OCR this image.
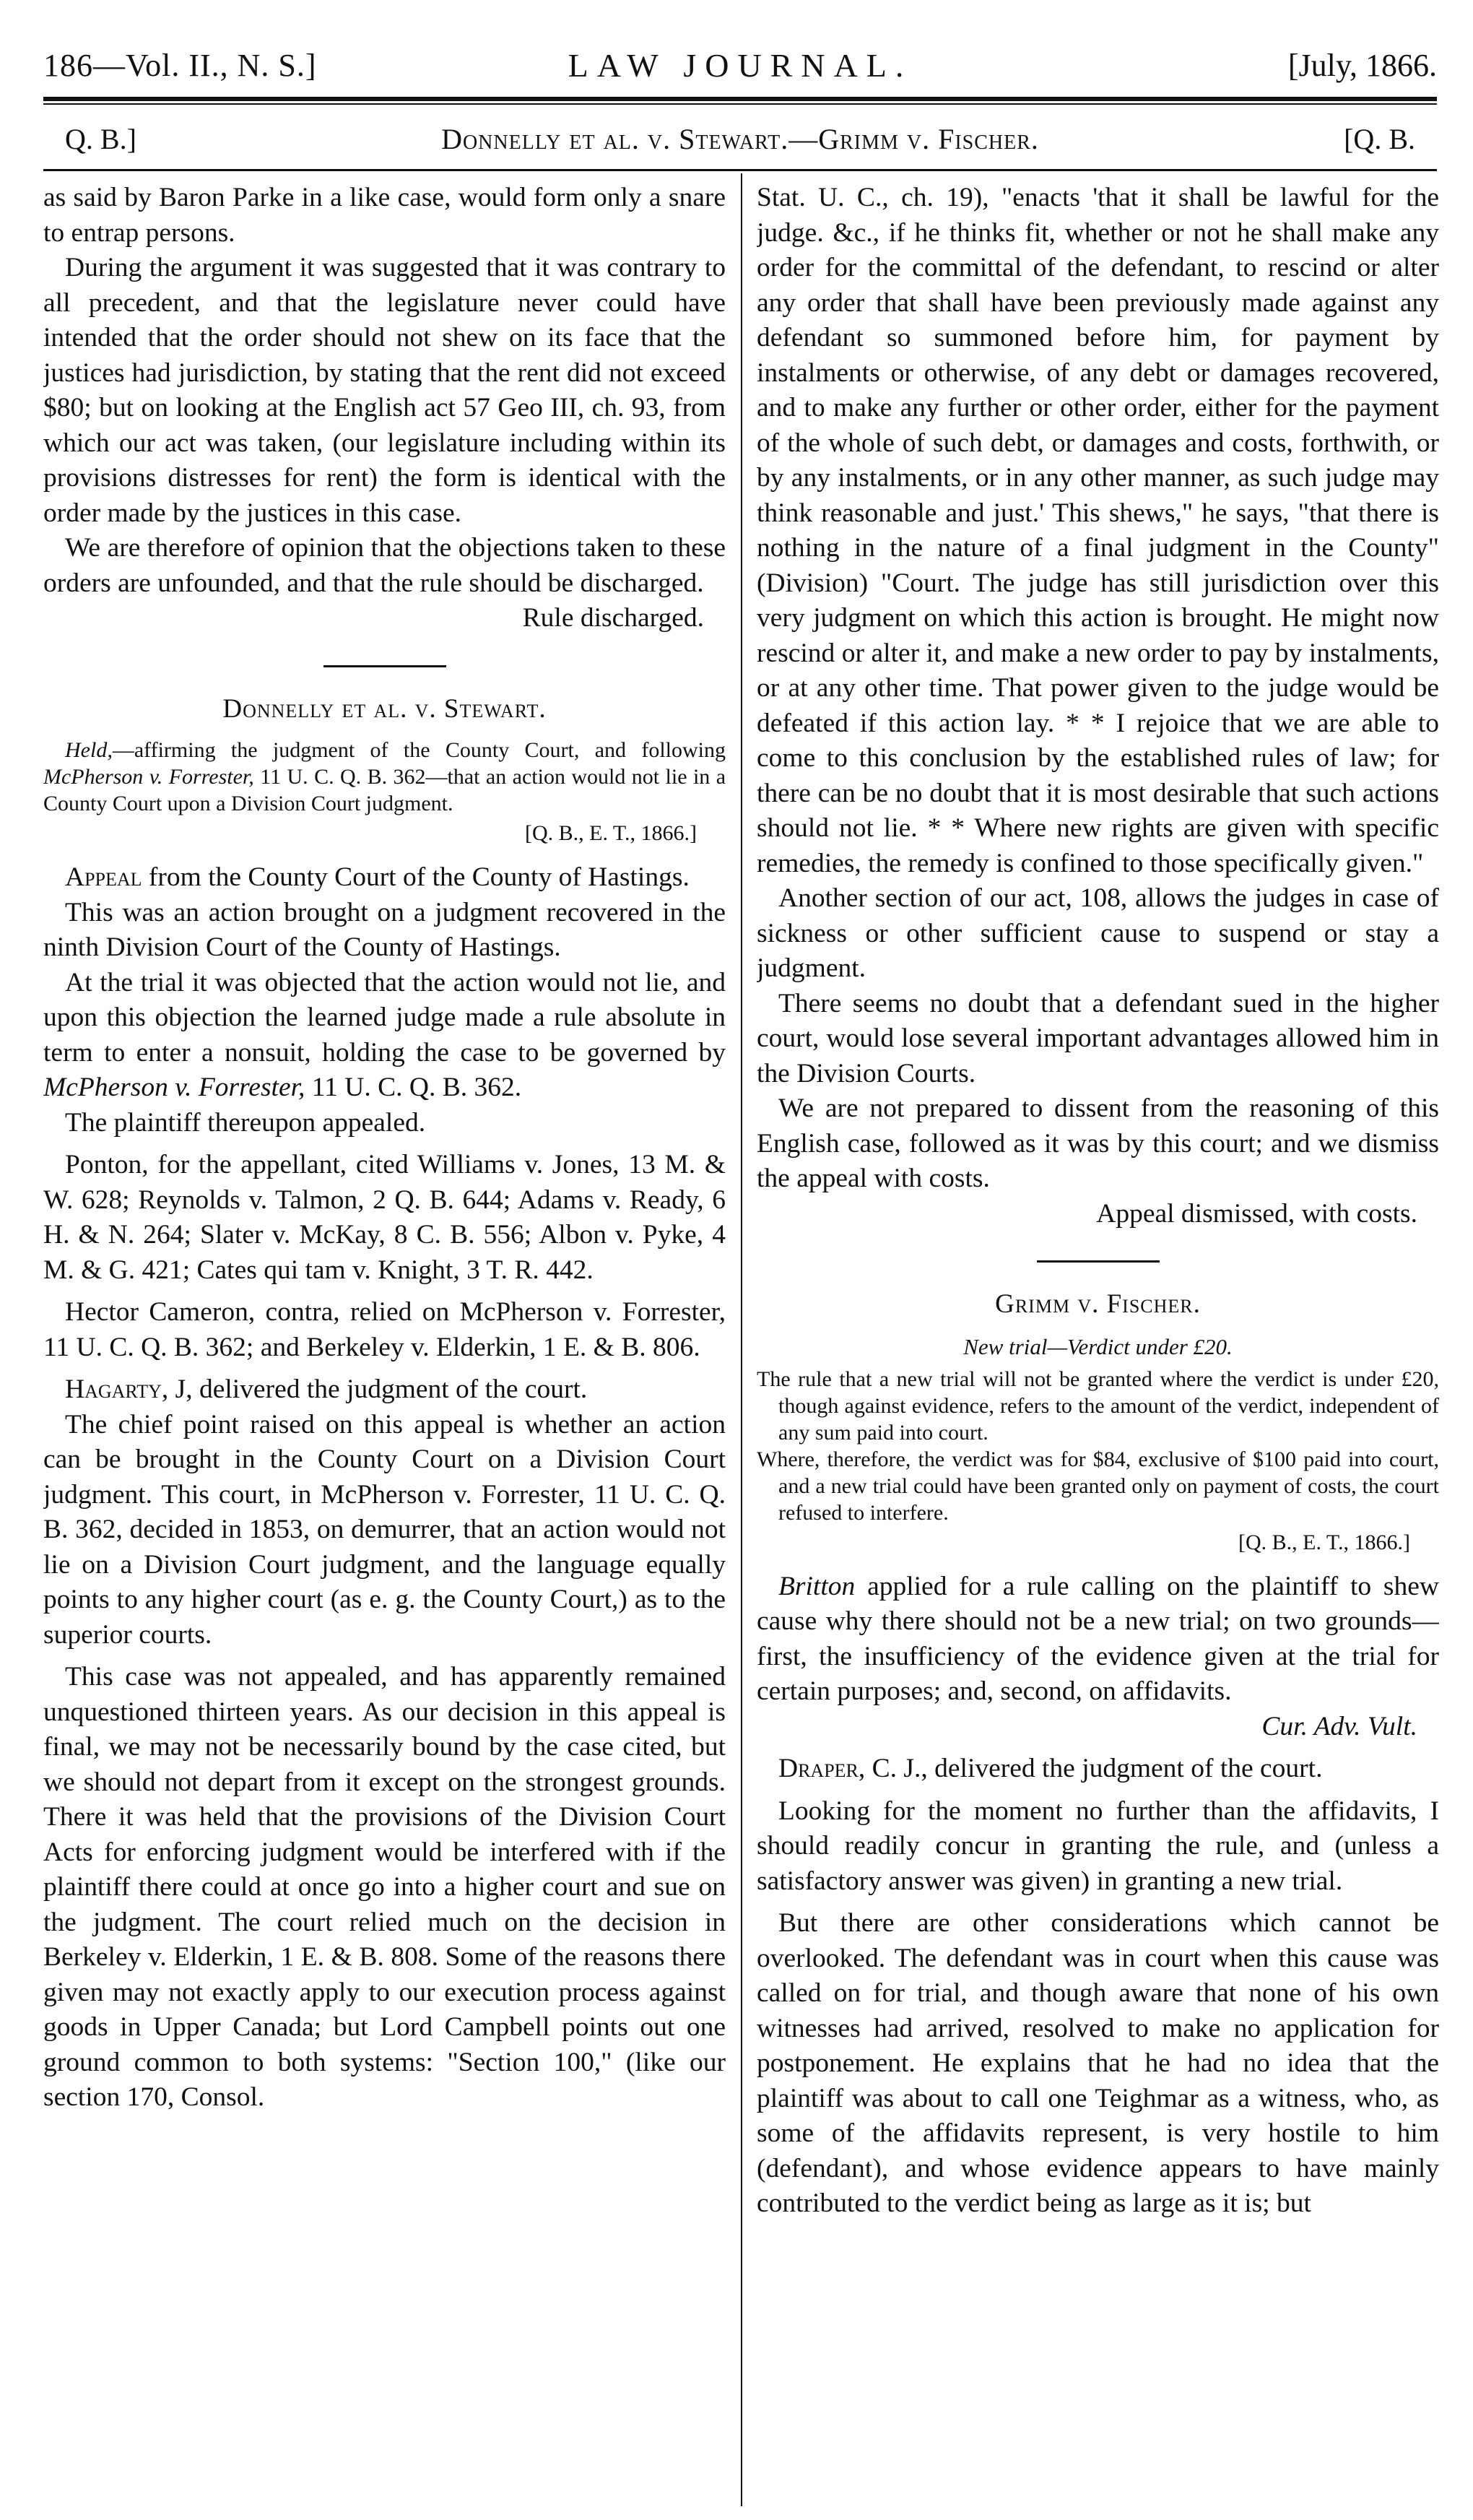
186—Vol. II., N. S.]	LAW JOURNAL.	[July, 1866.
Q. B.]	Donnelly et al. v. Stewart.—Grimm v. Fischer.	[Q. B.

as said by Baron Parke in a like case, would form only a snare to entrap persons.

During the argument it was suggested that it was contrary to all precedent, and that the legislature never could have intended that the order should not shew on its face that the justices had jurisdiction, by stating that the rent did not exceed $80; but on looking at the English act 57 Geo III, ch. 93, from which our act was taken, (our legislature including within its provisions distresses for rent) the form is identical with the order made by the justices in this case.

We are therefore of opinion that the objections taken to these orders are unfounded, and that the rule should be discharged.

Rule discharged.

Donnelly et al. v. Stewart.

Held,—affirming the judgment of the County Court, and following McPherson v. Forrester, 11 U. C. Q. B. 362—that an action would not lie in a County Court upon a Division Court judgment.

[Q. B., E. T., 1866.]

Appeal from the County Court of the County of Hastings.

This was an action brought on a judgment recovered in the ninth Division Court of the County of Hastings.

At the trial it was objected that the action would not lie, and upon this objection the learned judge made a rule absolute in term to enter a nonsuit, holding the case to be governed by McPherson v. Forrester, 11 U. C. Q. B. 362.

The plaintiff thereupon appealed.

Ponton, for the appellant, cited Williams v. Jones, 13 M. & W. 628; Reynolds v. Talmon, 2 Q. B. 644; Adams v. Ready, 6 H. & N. 264; Slater v. McKay, 8 C. B. 556; Albon v. Pyke, 4 M. & G. 421; Cates qui tam v. Knight, 3 T. R. 442.

Hector Cameron, contra, relied on McPherson v. Forrester, 11 U. C. Q. B. 362; and Berkeley v. Elderkin, 1 E. & B. 806.

Hagarty, J, delivered the judgment of the court.

The chief point raised on this appeal is whether an action can be brought in the County Court on a Division Court judgment. This court, in McPherson v. Forrester, 11 U. C. Q. B. 362, decided in 1853, on demurrer, that an action would not lie on a Division Court judgment, and the language equally points to any higher court (as e. g. the County Court,) as to the superior courts.

This case was not appealed, and has apparently remained unquestioned thirteen years. As our decision in this appeal is final, we may not be necessarily bound by the case cited, but we should not depart from it except on the strongest grounds. There it was held that the provisions of the Division Court Acts for enforcing judgment would be interfered with if the plaintiff there could at once go into a higher court and sue on the judgment. The court relied much on the decision in Berkeley v. Elderkin, 1 E. & B. 808. Some of the reasons there given may not exactly apply to our execution process against goods in Upper Canada; but Lord Campbell points out one ground common to both systems: "Section 100," (like our section 170, Consol.

Stat. U. C., ch. 19), "enacts 'that it shall be lawful for the judge. &c., if he thinks fit, whether or not he shall make any order for the committal of the defendant, to rescind or alter any order that shall have been previously made against any defendant so summoned before him, for payment by instalments or otherwise, of any debt or damages recovered, and to make any further or other order, either for the payment of the whole of such debt, or damages and costs, forthwith, or by any instalments, or in any other manner, as such judge may think reasonable and just.' This shews," he says, "that there is nothing in the nature of a final judgment in the County" (Division) "Court. The judge has still jurisdiction over this very judgment on which this action is brought. He might now rescind or alter it, and make a new order to pay by instalments, or at any other time. That power given to the judge would be defeated if this action lay. * * I rejoice that we are able to come to this conclusion by the established rules of law; for there can be no doubt that it is most desirable that such actions should not lie. * * Where new rights are given with specific remedies, the remedy is confined to those specifically given."

Another section of our act, 108, allows the judges in case of sickness or other sufficient cause to suspend or stay a judgment.

There seems no doubt that a defendant sued in the higher court, would lose several important advantages allowed him in the Division Courts.

We are not prepared to dissent from the reasoning of this English case, followed as it was by this court; and we dismiss the appeal with costs.

Appeal dismissed, with costs.

Grimm v. Fischer.

New trial—Verdict under £20.

The rule that a new trial will not be granted where the verdict is under £20, though against evidence, refers to the amount of the verdict, independent of any sum paid into court.

Where, therefore, the verdict was for $84, exclusive of $100 paid into court, and a new trial could have been granted only on payment of costs, the court refused to interfere.

[Q. B., E. T., 1866.]

Britton applied for a rule calling on the plaintiff to shew cause why there should not be a new trial; on two grounds—first, the insufficiency of the evidence given at the trial for certain purposes; and, second, on affidavits.

Cur. Adv. Vult.

Draper, C. J., delivered the judgment of the court.

Looking for the moment no further than the affidavits, I should readily concur in granting the rule, and (unless a satisfactory answer was given) in granting a new trial.

But there are other considerations which cannot be overlooked. The defendant was in court when this cause was called on for trial, and though aware that none of his own witnesses had arrived, resolved to make no application for postponement. He explains that he had no idea that the plaintiff was about to call one Teighmar as a witness, who, as some of the affidavits represent, is very hostile to him (defendant), and whose evidence appears to have mainly contributed to the verdict being as large as it is; but
